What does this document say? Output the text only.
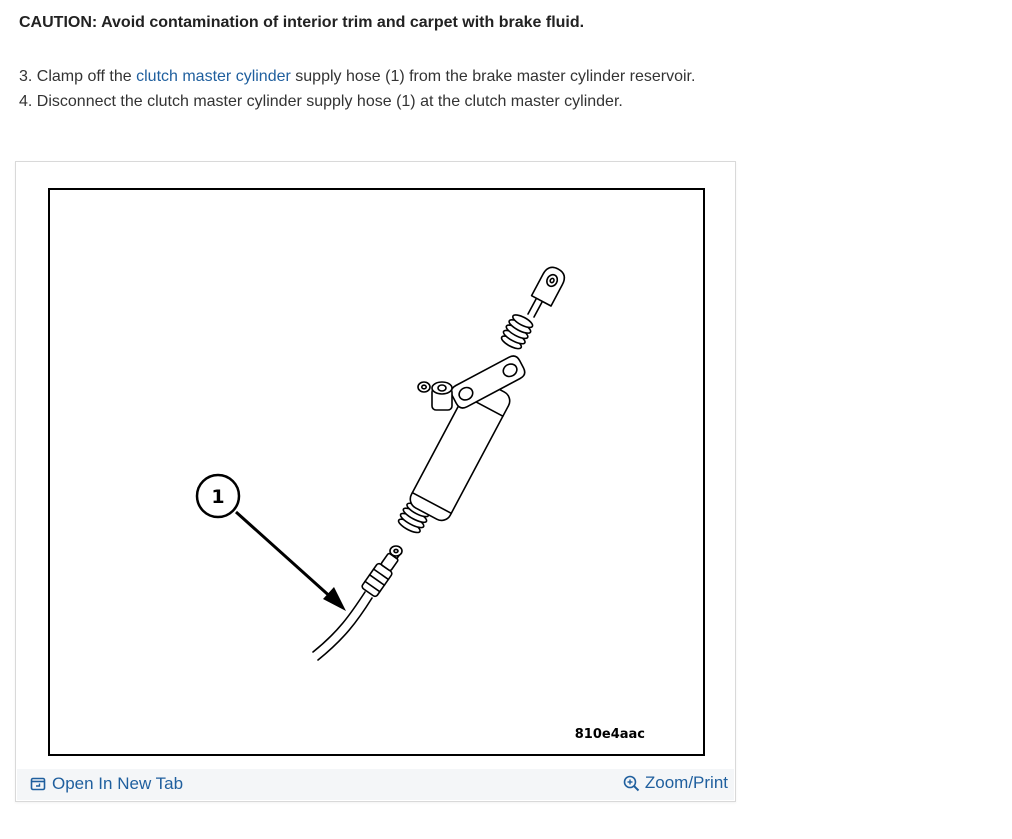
CAUTION: Avoid contamination of interior trim and carpet with brake fluid.

3. Clamp off the clutch master cylinder supply hose (1) from the brake master cylinder reservoir.
4. Disconnect the clutch master cylinder supply hose (1) at the clutch master cylinder.
1
810e4aac
Open In New Tab	Zoom/Print
